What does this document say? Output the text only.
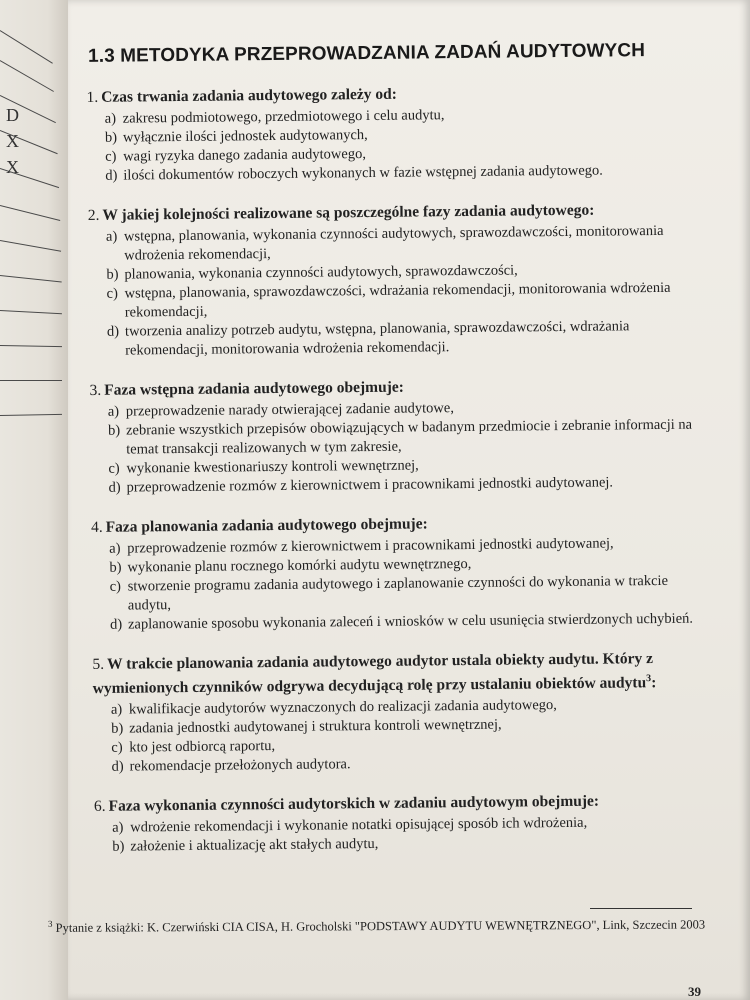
D
X
X
1.3 METODYKA PRZEPROWADZANIA ZADAŃ AUDYTOWYCH
1. Czas trwania zadania audytowego zależy od:
a) zakresu podmiotowego, przedmiotowego i celu audytu,
b) wyłącznie ilości jednostek audytowanych,
c) wagi ryzyka danego zadania audytowego,
d) ilości dokumentów roboczych wykonanych w fazie wstępnej zadania audytowego.
2. W jakiej kolejności realizowane są poszczególne fazy zadania audytowego:
a) wstępna, planowania, wykonania czynności audytowych, sprawozdawczości, monitorowania wdrożenia rekomendacji,
b) planowania, wykonania czynności audytowych, sprawozdawczości,
c) wstępna, planowania, sprawozdawczości, wdrażania rekomendacji, monitorowania wdrożenia rekomendacji,
d) tworzenia analizy potrzeb audytu, wstępna, planowania, sprawozdawczości, wdrażania rekomendacji, monitorowania wdrożenia rekomendacji.
3. Faza wstępna zadania audytowego obejmuje:
a) przeprowadzenie narady otwierającej zadanie audytowe,
b) zebranie wszystkich przepisów obowiązujących w badanym przedmiocie i zebranie informacji na temat transakcji realizowanych w tym zakresie,
c) wykonanie kwestionariuszy kontroli wewnętrznej,
d) przeprowadzenie rozmów z kierownictwem i pracownikami jednostki audytowanej.
4. Faza planowania zadania audytowego obejmuje:
a) przeprowadzenie rozmów z kierownictwem i pracownikami jednostki audytowanej,
b) wykonanie planu rocznego komórki audytu wewnętrznego,
c) stworzenie programu zadania audytowego i zaplanowanie czynności do wykonania w trakcie audytu,
d) zaplanowanie sposobu wykonania zaleceń i wniosków w celu usunięcia stwierdzonych uchybień.
5. W trakcie planowania zadania audytowego audytor ustala obiekty audytu. Który z wymienionych czynników odgrywa decydującą rolę przy ustalaniu obiektów audytu$^3$:
a) kwalifikacje audytorów wyznaczonych do realizacji zadania audytowego,
b) zadania jednostki audytowanej i struktura kontroli wewnętrznej,
c) kto jest odbiorcą raportu,
d) rekomendacje przełożonych audytora.
6. Faza wykonania czynności audytorskich w zadaniu audytowym obejmuje:
a) wdrożenie rekomendacji i wykonanie notatki opisującej sposób ich wdrożenia,
b) założenie i aktualizację akt stałych audytu,
$^3$ Pytanie z książki: K. Czerwiński CIA CISA, H. Grocholski "PODSTAWY AUDYTU WEWNĘTRZNEGO", Link, Szczecin 2003
39
